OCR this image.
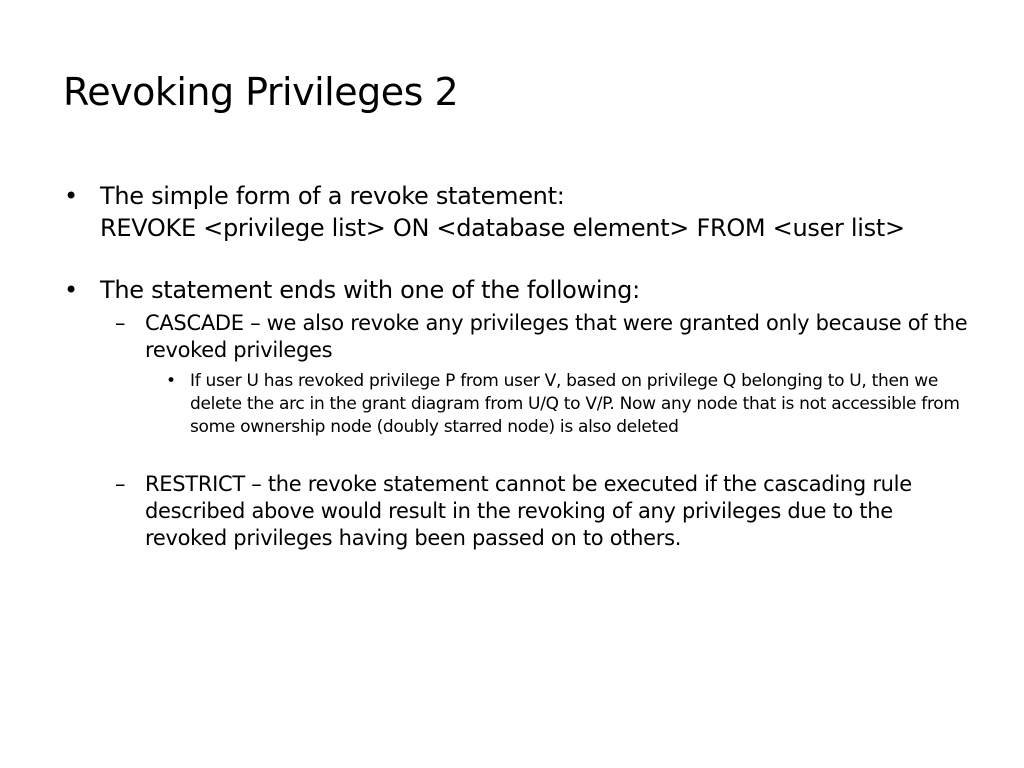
Revoking Privileges 2
• The simple form of a revoke statement:
REVOKE <privilege list> ON <database element> FROM <user list>
• The statement ends with one of the following:
– CASCADE – we also revoke any privileges that were granted only because of the revoked privileges
• If user U has revoked privilege P from user V, based on privilege Q belonging to U, then we delete the arc in the grant diagram from U/Q to V/P. Now any node that is not accessible from some ownership node (doubly starred node) is also deleted
– RESTRICT – the revoke statement cannot be executed if the cascading rule described above would result in the revoking of any privileges due to the revoked privileges having been passed on to others.
